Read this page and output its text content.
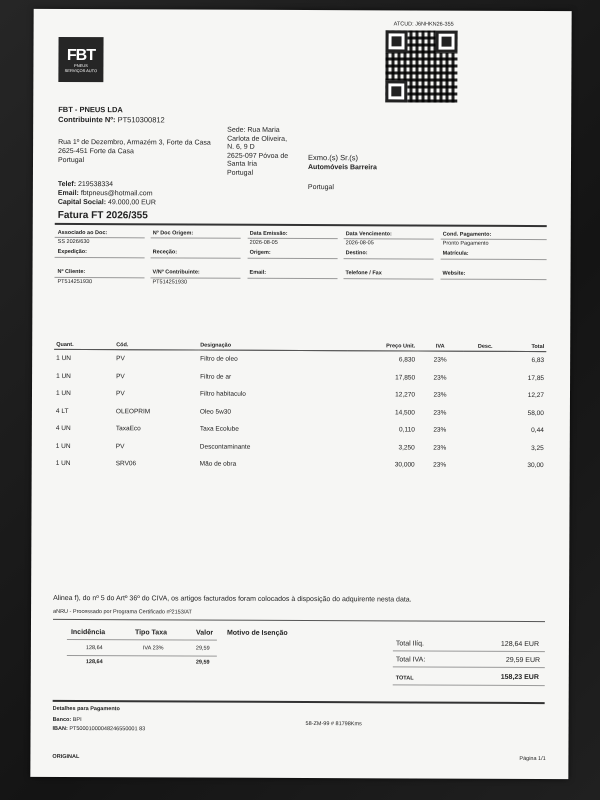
ATCUD: J6NHKN26-355
FBT
PNEUS
SERVIÇOS AUTO
FBT - PNEUS LDA
Contribuinte Nº: PT510300812
Rua 1º de Dezembro, Armazém 3, Forte da Casa
2625-451 Forte da Casa
Portugal
Telef: 219538334
Email: fbtpneus@hotmail.com
Capital Social: 49.000,00 EUR
Sede: Rua Maria
Carlota de Oliveira,
N. 6, 9 D
2625-097 Póvoa de
Santa Iria
Portugal
Exmo.(s) Sr.(s)
Automóveis Barreira
Portugal
Fatura FT 2026/355
Associado ao Doc:
SS 2026/630
Nº Doc Origem:	Data Emissão:
2026-08-05
Data Vencimento:
2026-08-05
Cond. Pagamento:
Pronto Pagamento
Expedição:	Receção:	Origem:	Destino:	Matrícula:
Nº Cliente:
PT514251930
V/Nº Contribuinte:
PT514251930
Email:	Telefone / Fax	Website:
Quant.	Cód.	Designação	Preço Unit.	IVA	Desc.	Total
1 UN	PV	Filtro de oleo	6,830	23%		6,83
1 UN	PV	Filtro de ar	17,850	23%		17,85
1 UN	PV	Filtro habitaculo	12,270	23%		12,27
4 LT	OLEOPRIM	Oleo 5w30	14,500	23%		58,00
4 UN	TaxaEco	Taxa Ecolube	0,110	23%		0,44
1 UN	PV	Descontaminante	3,250	23%		3,25
1 UN	SRV06	Mão de obra	30,000	23%		30,00
Alinea f), do nº 5 do Artº 36º do CIVA, os artigos facturados foram colocados à disposição do adquirente nesta data.
aNRU - Processado por Programa Certificado nº2153/AT
Incidência	Tipo Taxa	Valor Motivo de Isenção
128,64	IVA 23%	29,59
128,64	29,59
Total Ilíq.	128,64 EUR
Total IVA:	29,59 EUR
TOTAL	158,23 EUR
Detalhes para Pagamento
Banco: BPI
IBAN: PT50001000048246550001 83
58-ZM-99 # 81798Kms
ORIGINAL	Página 1/1
